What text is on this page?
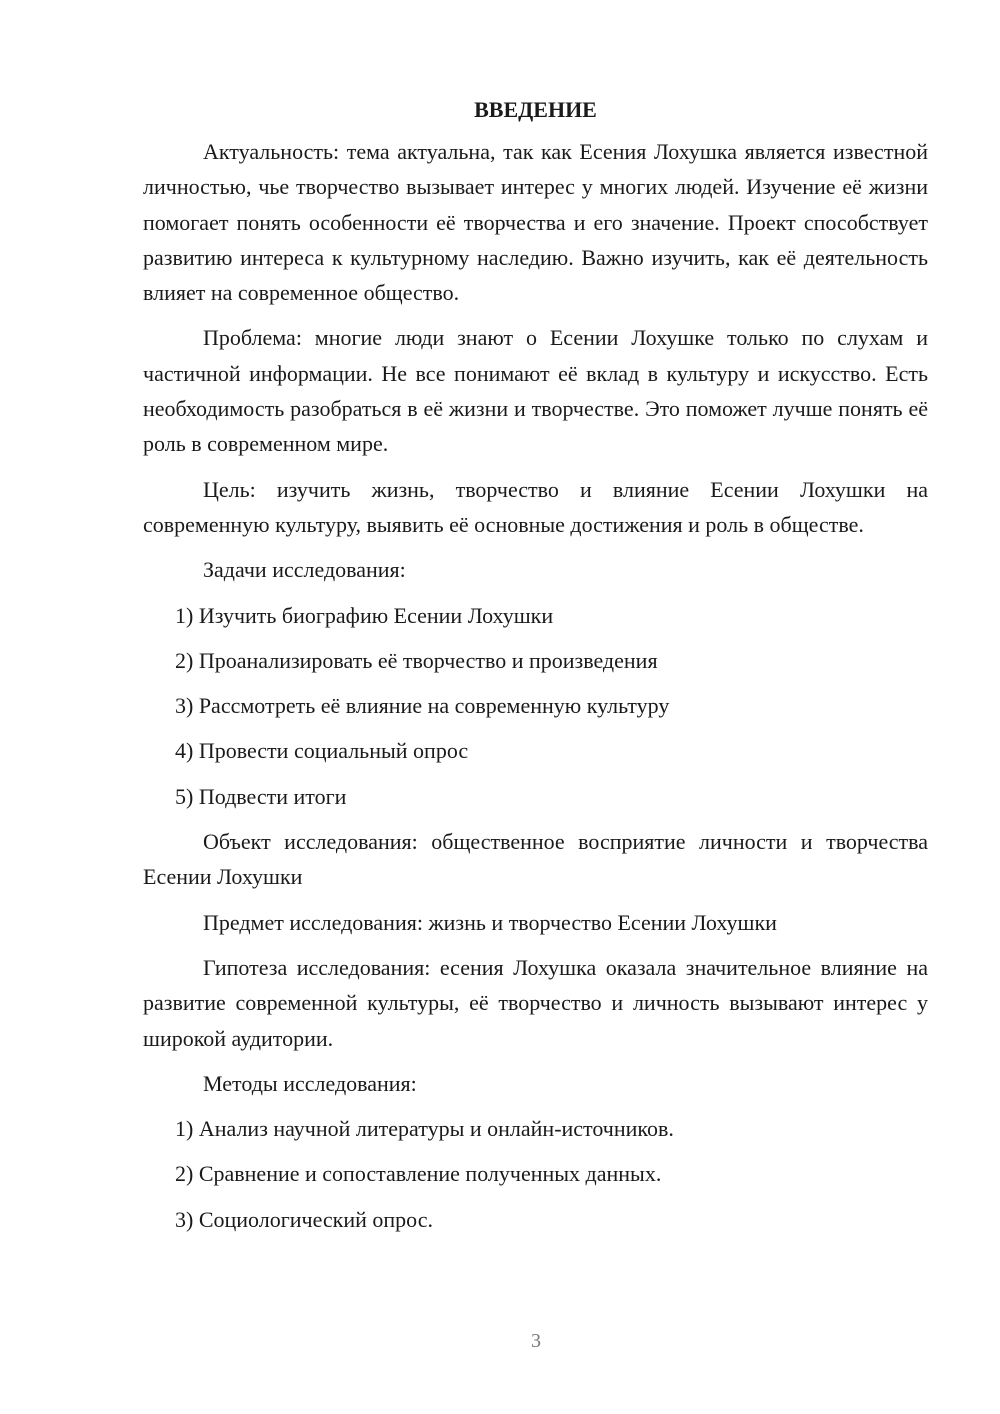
ВВЕДЕНИЕ

Актуальность: тема актуальна, так как Есения Лохушка является известной личностью, чье творчество вызывает интерес у многих людей. Изучение её жизни помогает понять особенности её творчества и его значение. Проект способствует развитию интереса к культурному наследию. Важно изучить, как её деятельность влияет на современное общество.

Проблема: многие люди знают о Есении Лохушке только по слухам и частичной информации. Не все понимают её вклад в культуру и искусство. Есть необходимость разобраться в её жизни и творчестве. Это поможет лучше понять её роль в современном мире.

Цель: изучить жизнь, творчество и влияние Есении Лохушки на современную культуру, выявить её основные достижения и роль в обществе.

Задачи исследования:

1) Изучить биографию Есении Лохушки

2) Проанализировать её творчество и произведения

3) Рассмотреть её влияние на современную культуру

4) Провести социальный опрос

5) Подвести итоги

Объект исследования: общественное восприятие личности и творчества Есении Лохушки

Предмет исследования: жизнь и творчество Есении Лохушки

Гипотеза исследования: есения Лохушка оказала значительное влияние на развитие современной культуры, её творчество и личность вызывают интерес у широкой аудитории.

Методы исследования:

1) Анализ научной литературы и онлайн-источников.

2) Сравнение и сопоставление полученных данных.

3) Социологический опрос.

3
